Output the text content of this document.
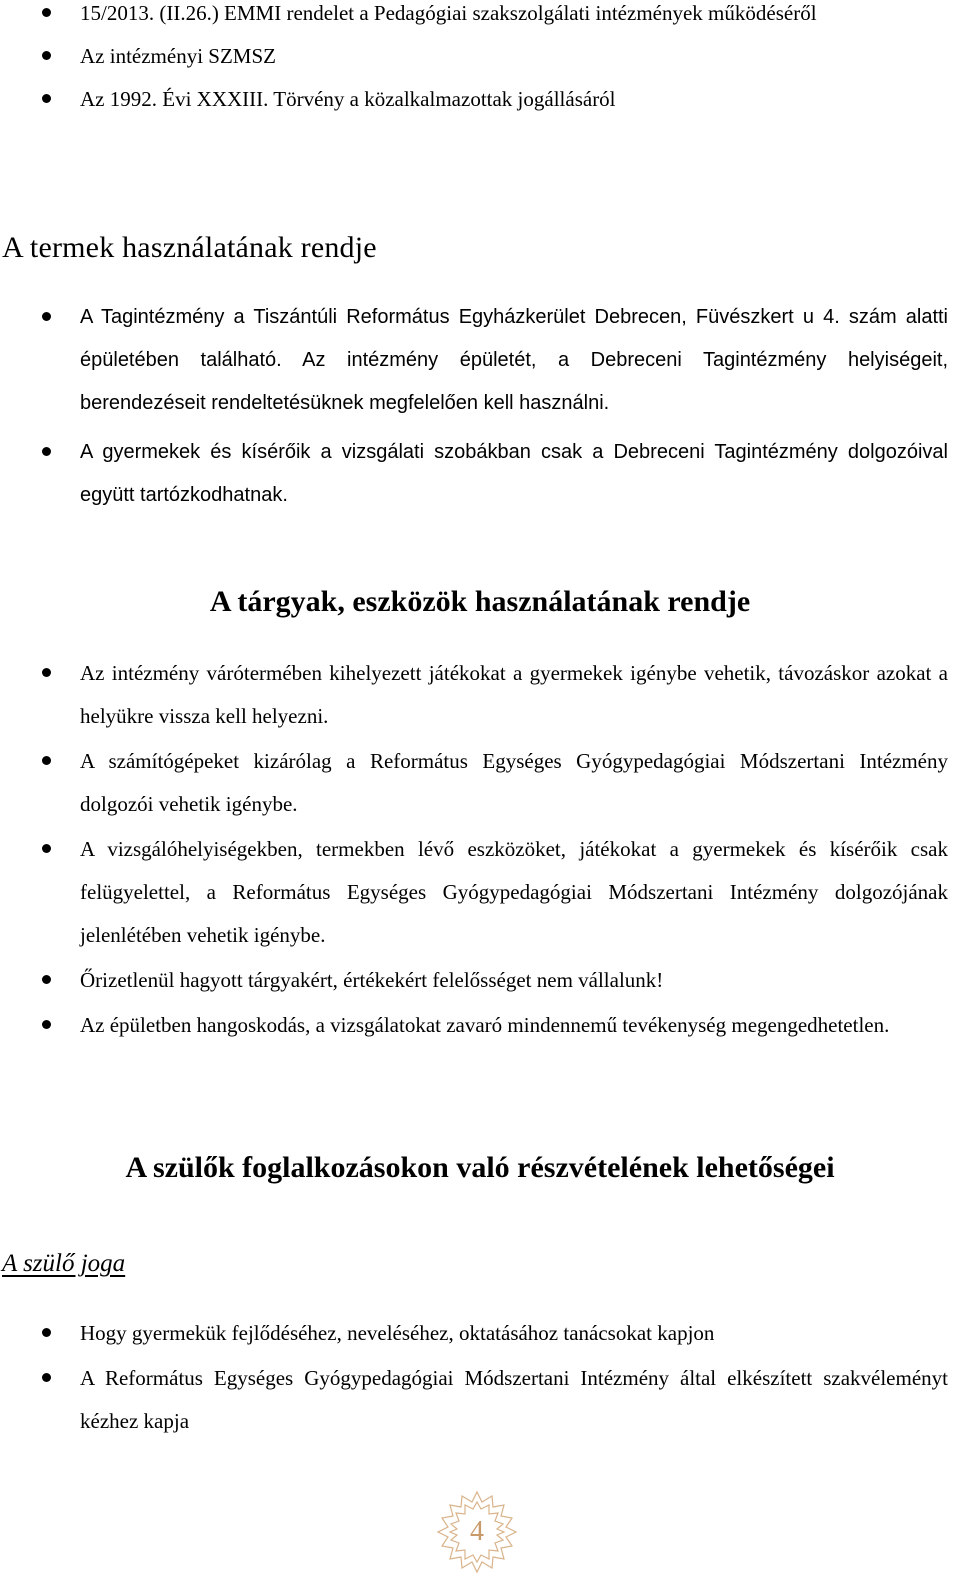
15/2013. (II.26.) EMMI rendelet a Pedagógiai szakszolgálati intézmények működéséről
Az intézményi SZMSZ
Az 1992. Évi XXXIII. Törvény a közalkalmazottak jogállásáról
A termek használatának rendje
A Tagintézmény a Tiszántúli Református Egyházkerület Debrecen, Füvészkert u 4. szám alatti épületében található. Az intézmény épületét, a Debreceni Tagintézmény helyiségeit, berendezéseit rendeltetésüknek megfelelően kell használni.
A gyermekek és kísérőik a vizsgálati szobákban csak a Debreceni Tagintézmény dolgozóival együtt tartózkodhatnak.
A tárgyak, eszközök használatának rendje
Az intézmény várótermében kihelyezett játékokat a gyermekek igénybe vehetik, távozáskor azokat a helyükre vissza kell helyezni.
A számítógépeket kizárólag a Református Egységes Gyógypedagógiai Módszertani Intézmény dolgozói vehetik igénybe.
A vizsgálóhelyiségekben, termekben lévő eszközöket, játékokat a gyermekek és kísérőik csak felügyelettel, a Református Egységes Gyógypedagógiai Módszertani Intézmény dolgozójának jelenlétében vehetik igénybe.
Őrizetlenül hagyott tárgyakért, értékekért felelősséget nem vállalunk!
Az épületben hangoskodás, a vizsgálatokat zavaró mindennemű tevékenység megengedhetetlen.
A szülők foglalkozásokon való részvételének lehetőségei
A szülő joga
Hogy gyermekük fejlődéséhez, neveléséhez, oktatásához tanácsokat kapjon
A Református Egységes Gyógypedagógiai Módszertani Intézmény által elkészített szakvéleményt kézhez kapja
4
